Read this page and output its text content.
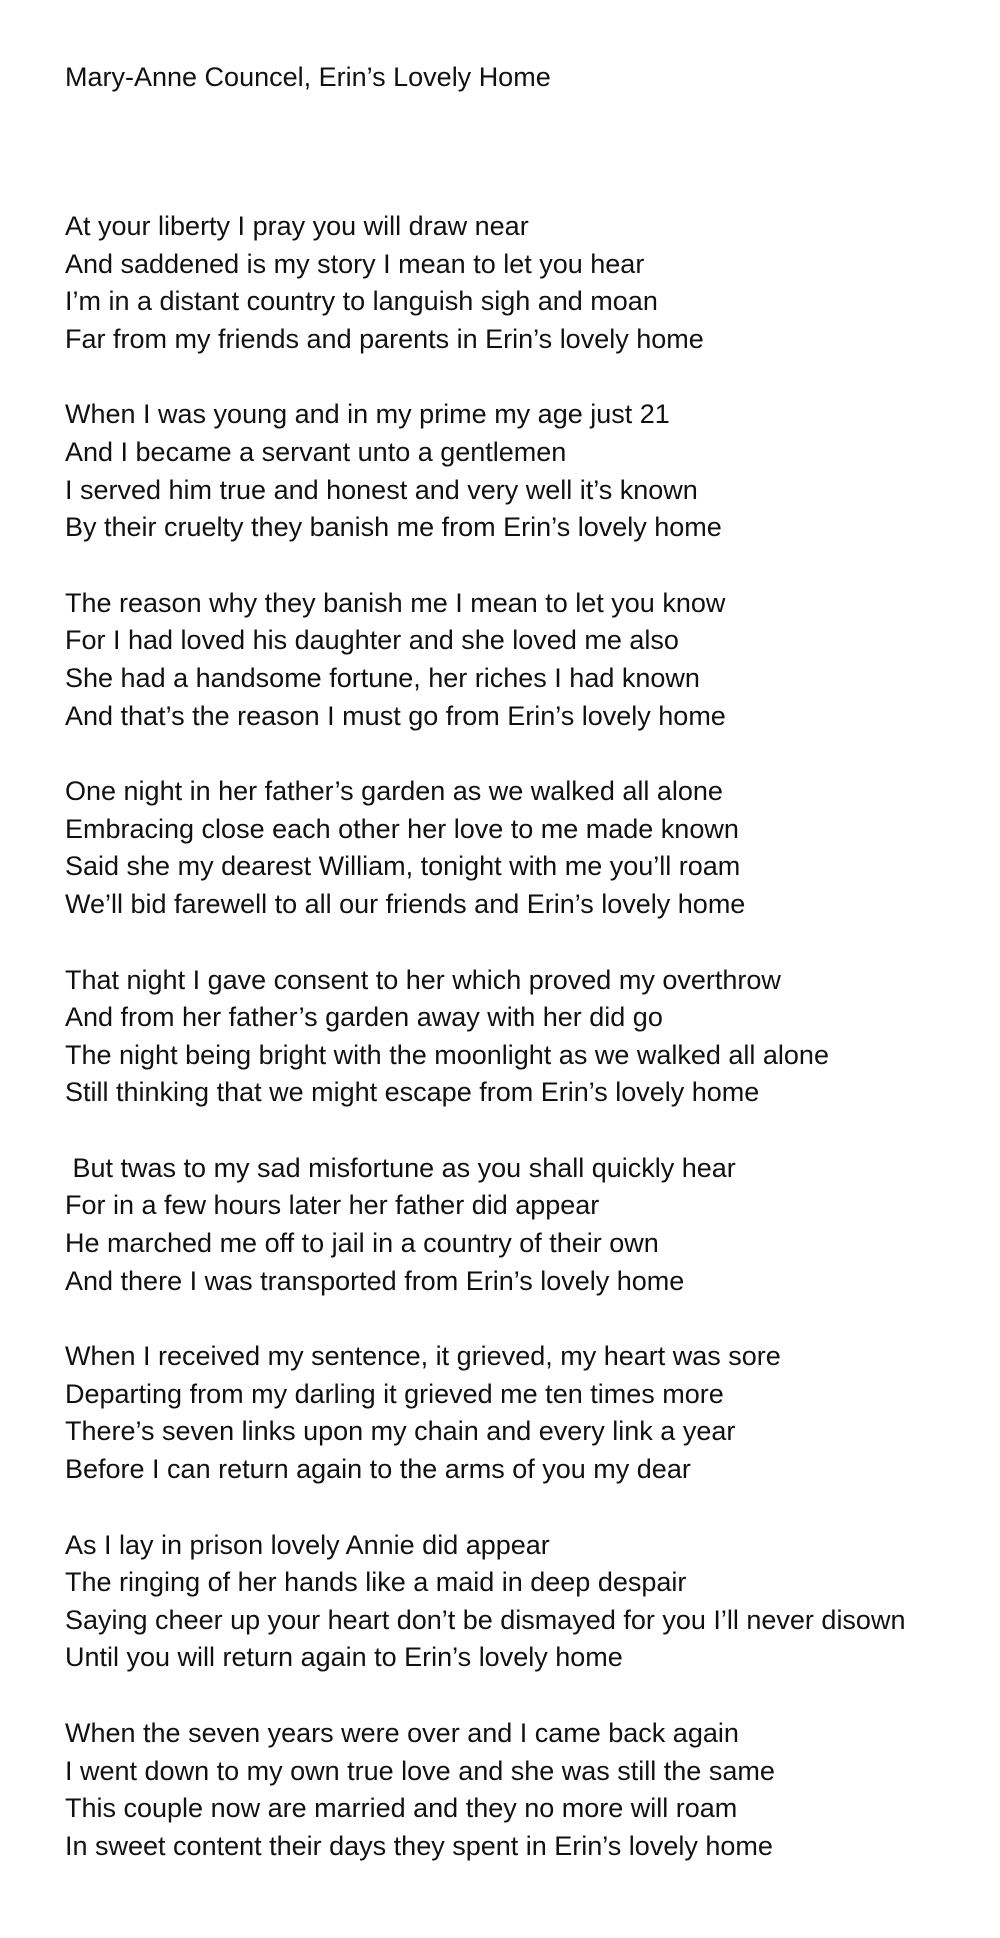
Mary-Anne Councel, Erin’s Lovely Home
At your liberty I pray you will draw near
And saddened is my story I mean to let you hear
I’m in a distant country to languish sigh and moan
Far from my friends and parents in Erin’s lovely home
When I was young and in my prime my age just 21
And I became a servant unto a gentlemen
I served him true and honest and very well it’s known
By their cruelty they banish me from Erin’s lovely home
The reason why they banish me I mean to let you know
For I had loved his daughter and she loved me also
She had a handsome fortune, her riches I had known
And that’s the reason I must go from Erin’s lovely home
One night in her father’s garden as we walked all alone
Embracing close each other her love to me made known
Said she my dearest William, tonight with me you’ll roam
We’ll bid farewell to all our friends and Erin’s lovely home
That night I gave consent to her which proved my overthrow
And from her father’s garden away with her did go
The night being bright with the moonlight as we walked all alone
Still thinking that we might escape from Erin’s lovely home
But twas to my sad misfortune as you shall quickly hear
For in a few hours later her father did appear
He marched me off to jail in a country of their own
And there I was transported from Erin’s lovely home
When I received my sentence, it grieved, my heart was sore
Departing from my darling it grieved me ten times more
There’s seven links upon my chain and every link a year
Before I can return again to the arms of you my dear
As I lay in prison lovely Annie did appear
The ringing of her hands like a maid in deep despair
Saying cheer up your heart don’t be dismayed for you I’ll never disown
Until you will return again to Erin’s lovely home
When the seven years were over and I came back again
I went down to my own true love and she was still the same
This couple now are married and they no more will roam
In sweet content their days they spent in Erin’s lovely home
